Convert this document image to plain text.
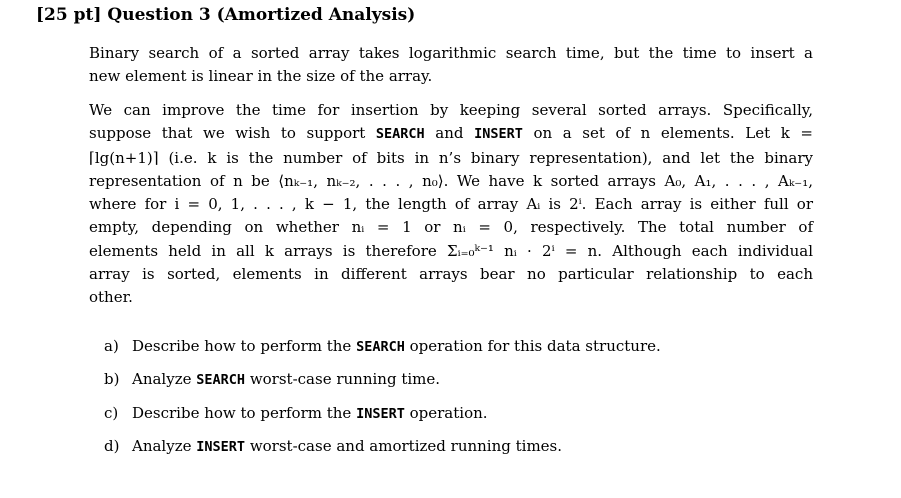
[25 pt] Question 3 (Amortized Analysis)
Binary search of a sorted array takes logarithmic search time, but the time to insert a
new element is linear in the size of the array.
We can improve the time for insertion by keeping several sorted arrays. Specifically,
suppose that we wish to support SEARCH and INSERT on a set of n elements. Let k =
⌈lg(n+1)⌉ (i.e. k is the number of bits in n’s binary representation), and let the binary
representation of n be ⟨nₖ₋₁, nₖ₋₂, . . . , n₀⟩. We have k sorted arrays A₀, A₁, . . . , Aₖ₋₁,
where for i = 0, 1, . . . , k − 1, the length of array Aᵢ is 2ⁱ. Each array is either full or
empty, depending on whether nᵢ = 1 or nᵢ = 0, respectively. The total number of
elements held in all k arrays is therefore Σᵢ₌₀ᵏ⁻¹ nᵢ · 2ⁱ = n. Although each individual
array is sorted, elements in different arrays bear no particular relationship to each
other.
a) Describe how to perform the SEARCH operation for this data structure.
b) Analyze SEARCH worst-case running time.
c) Describe how to perform the INSERT operation.
d) Analyze INSERT worst-case and amortized running times.
